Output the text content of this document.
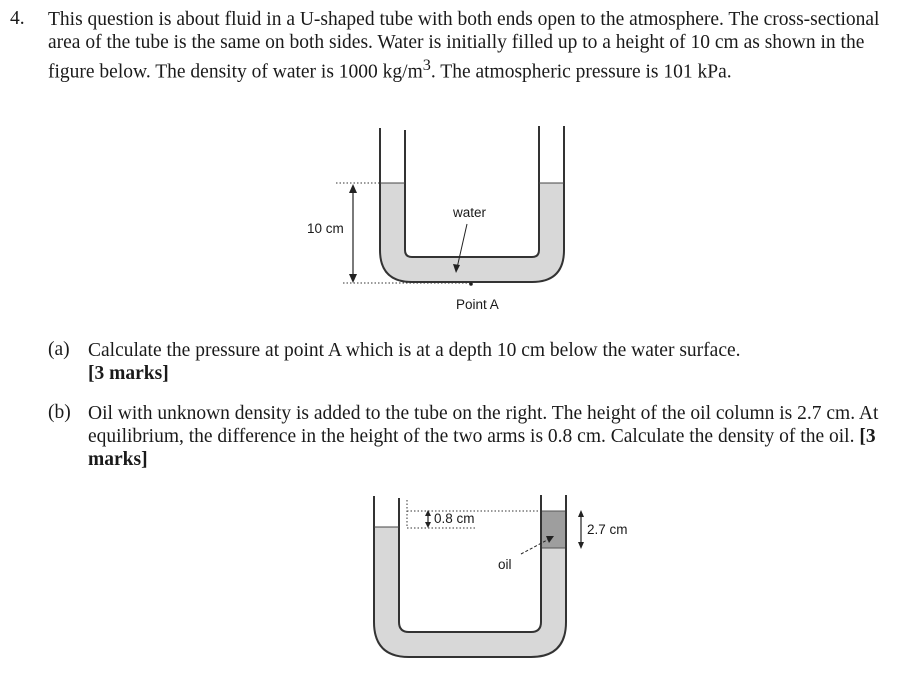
4. This question is about fluid in a U-shaped tube with both ends open to the atmosphere. The cross-sectional area of the tube is the same on both sides. Water is initially filled up to a height of 10 cm as shown in the figure below. The density of water is 1000 $kg/m^3$. The atmospheric pressure is 101 kPa.
10 cm
water
Point A
0.8 cm
2.7 cm
oil
(a) Calculate the pressure at point A which is at a depth 10 cm below the water surface.
[3 marks]
(b) Oil with unknown density is added to the tube on the right. The height of the oil column is 2.7 cm. At equilibrium, the difference in the height of the two arms is 0.8 cm. Calculate the density of the oil. [3 marks]
